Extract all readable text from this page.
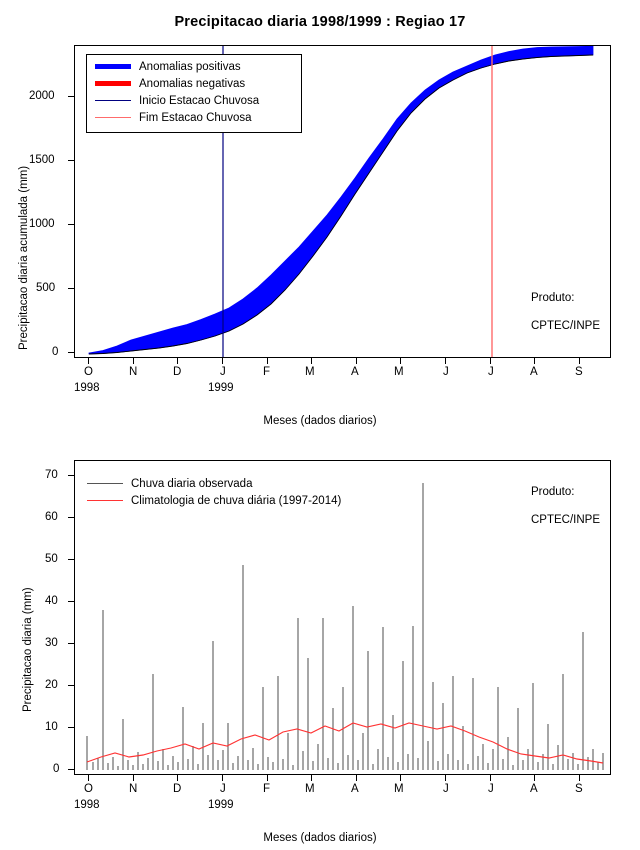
Precipitacao diaria 1998/1999 : Regiao 17
Precipitacao diaria acumulada (mm)
0
500
1000
1500
2000
Anomalias positivas
Anomalias negativas
Inicio Estacao Chuvosa
Fim Estacao Chuvosa

Produto:

CPTEC/INPE

O	N	D	J	F	M	A	M	J	J	A	S
1998	1999
Meses (dados diarios)
Precipitacao diaria (mm)
0
10
20
30
40
50
60
70
Chuva diaria observada
Climatologia de chuva diária (1997-2014)

Produto:

CPTEC/INPE

O	N	D	J	F	M	A	M	J	J	A	S
1998	1999
Meses (dados diarios)
